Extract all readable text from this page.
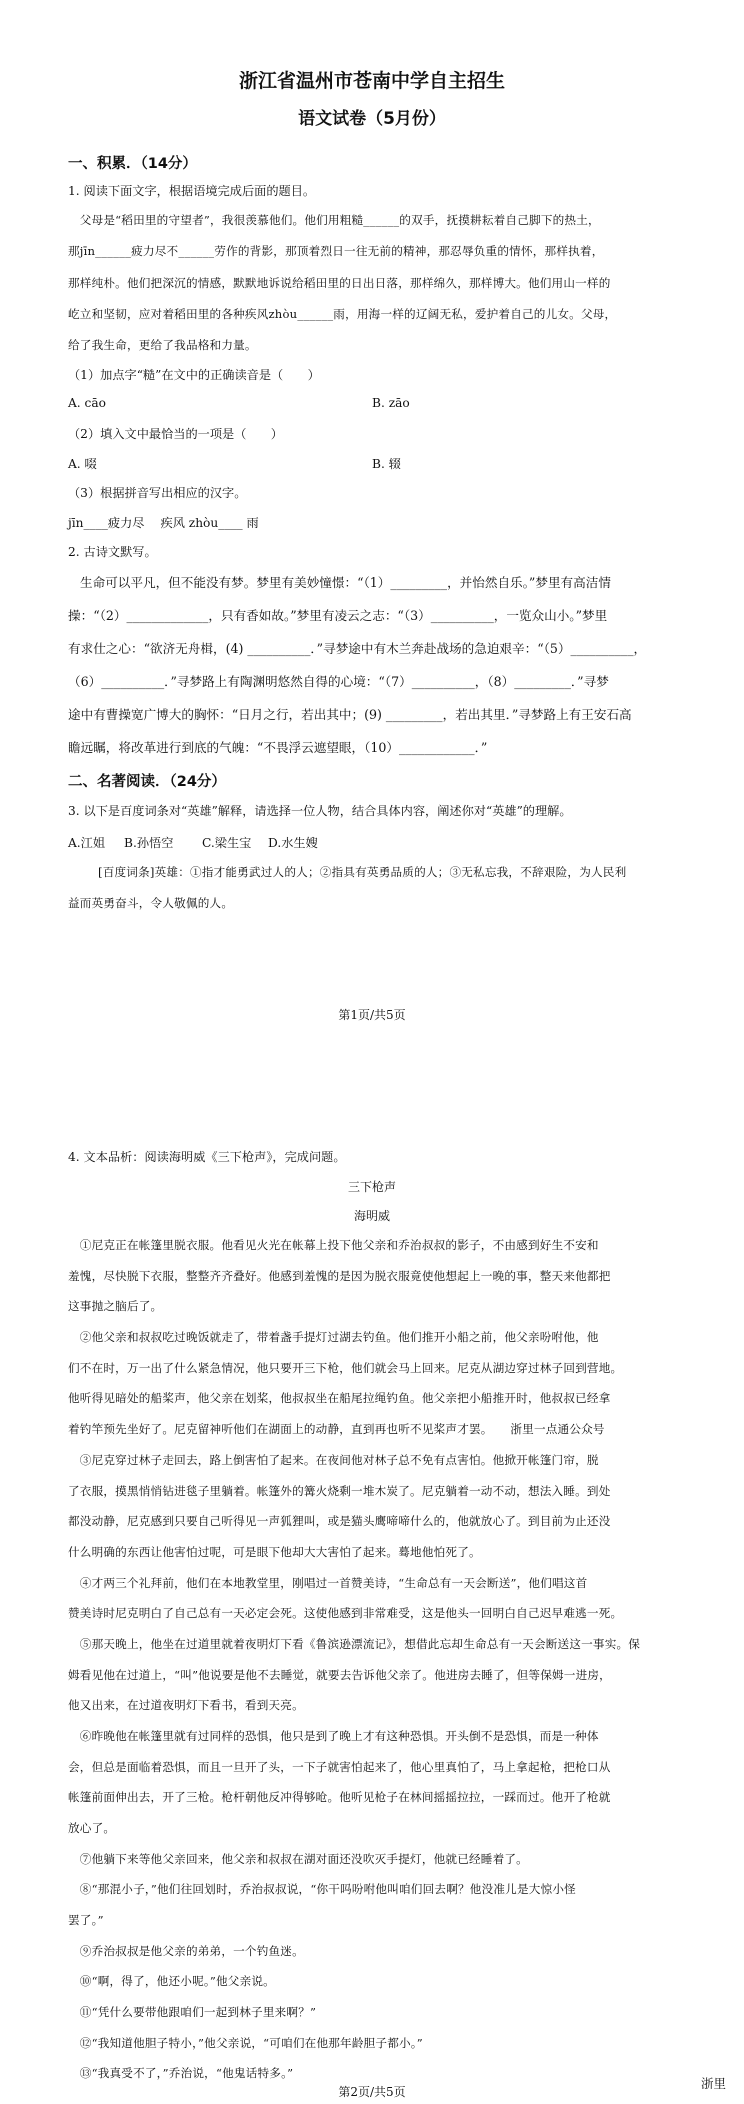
浙江省温州市苍南中学自主招生
语文试卷（5月份）
一、积累．（14分）
1. 阅读下面文字，根据语境完成后面的题目。
　父母是“稻田里的守望者”，我很羡慕他们。他们用粗糙______的双手，抚摸耕耘着自己脚下的热土，
那jīn______疲力尽不______劳作的背影，那顶着烈日一往无前的精神，那忍辱负重的情怀，那样执着，
那样纯朴。他们把深沉的情感，默默地诉说给稻田里的日出日落，那样绵久，那样博大。他们用山一样的
屹立和坚韧，应对着稻田里的各种疾风zhòu______雨，用海一样的辽阔无私，爱护着自己的儿女。父母，
给了我生命，更给了我品格和力量。
（1）加点字“糙”在文中的正确读音是（　　）
A. cāo	B. zāo
（2）填入文中最恰当的一项是（　　）
A. 啜	B. 辍
（3）根据拼音写出相应的汉字。
jīn____疲力尽　 疾风 zhòu____ 雨
2. 古诗文默写。
生命可以平凡，但不能没有梦。梦里有美妙憧憬：“（1）_________，并怡然自乐。”梦里有高洁情
操：“（2）_____________，只有香如故。”梦里有凌云之志：“（3）__________，一览众山小。”梦里
有求仕之心：“欲济无舟楫，(4) __________．”寻梦途中有木兰奔赴战场的急迫艰辛：“（5）__________，
（6）__________．”寻梦路上有陶渊明悠然自得的心境：“（7）__________，（8）_________．”寻梦
途中有曹操宽广博大的胸怀：“日月之行，若出其中；(9) _________，若出其里．”寻梦路上有王安石高
瞻远瞩，将改革进行到底的气魄：“不畏浮云遮望眼，（10）____________．”
二、名著阅读．（24分）
3. 以下是百度词条对“英雄”解释，请选择一位人物，结合具体内容，阐述你对“英雄”的理解。
A.江姐 B.孙悟空 C.梁生宝 D.水生嫂
[百度词条]英雄：①指才能勇武过人的人；②指具有英勇品质的人；③无私忘我，不辞艰险，为人民利
益而英勇奋斗，令人敬佩的人。
第1页/共5页
4. 文本品析：阅读海明威《三下枪声》，完成问题。
三下枪声
海明威
　①尼克正在帐篷里脱衣服。他看见火光在帐幕上投下他父亲和乔治叔叔的影子，不由感到好生不安和
羞愧，尽快脱下衣服，整整齐齐叠好。他感到羞愧的是因为脱衣服竟使他想起上一晚的事，整天来他都把
这事抛之脑后了。
　②他父亲和叔叔吃过晚饭就走了，带着盏手提灯过湖去钓鱼。他们推开小船之前，他父亲吩咐他，他
们不在时，万一出了什么紧急情况，他只要开三下枪，他们就会马上回来。尼克从湖边穿过林子回到营地。
他听得见暗处的船桨声，他父亲在划桨，他叔叔坐在船尾拉绳钓鱼。他父亲把小船推开时，他叔叔已经拿
着钓竿预先坐好了。尼克留神听他们在湖面上的动静，直到再也听不见桨声才罢。　　浙里一点通公众号
　③尼克穿过林子走回去，路上倒害怕了起来。在夜间他对林子总不免有点害怕。他掀开帐篷门帘，脱
了衣服，摸黑悄悄钻进毯子里躺着。帐篷外的篝火烧剩一堆木炭了。尼克躺着一动不动，想法入睡。到处
都没动静，尼克感到只要自己听得见一声狐狸叫，或是猫头鹰啼啼什么的，他就放心了。到目前为止还没
什么明确的东西让他害怕过呢，可是眼下他却大大害怕了起来。蓦地他怕死了。
　④才两三个礼拜前，他们在本地教堂里，刚唱过一首赞美诗，“生命总有一天会断送”，他们唱这首
赞美诗时尼克明白了自己总有一天必定会死。这使他感到非常难受，这是他头一回明白自己迟早难逃一死。
　⑤那天晚上，他坐在过道里就着夜明灯下看《鲁滨逊漂流记》，想借此忘却生命总有一天会断送这一事实。保
姆看见他在过道上，“叫”他说要是他不去睡觉，就要去告诉他父亲了。他进房去睡了，但等保姆一进房，
他又出来，在过道夜明灯下看书，看到天亮。
　⑥昨晚他在帐篷里就有过同样的恐惧，他只是到了晚上才有这种恐惧。开头倒不是恐惧，而是一种体
会，但总是面临着恐惧，而且一旦开了头，一下子就害怕起来了，他心里真怕了，马上拿起枪，把枪口从
帐篷前面伸出去，开了三枪。枪杆朝他反冲得够呛。他听见枪子在林间摇摇拉拉，一踩而过。他开了枪就
放心了。
　⑦他躺下来等他父亲回来，他父亲和叔叔在湖对面还没吹灭手提灯，他就已经睡着了。
　⑧“那混小子，”他们往回划时，乔治叔叔说，“你干吗吩咐他叫咱们回去啊？他没准儿是大惊小怪
罢了。”
　⑨乔治叔叔是他父亲的弟弟，一个钓鱼迷。
　⑩“啊，得了，他还小呢。”他父亲说。
　⑪“凭什么要带他跟咱们一起到林子里来啊？”
　⑫“我知道他胆子特小，”他父亲说，“可咱们在他那年龄胆子都小。”
　⑬“我真受不了，”乔治说，“他鬼话特多。”
第2页/共5页
浙里
